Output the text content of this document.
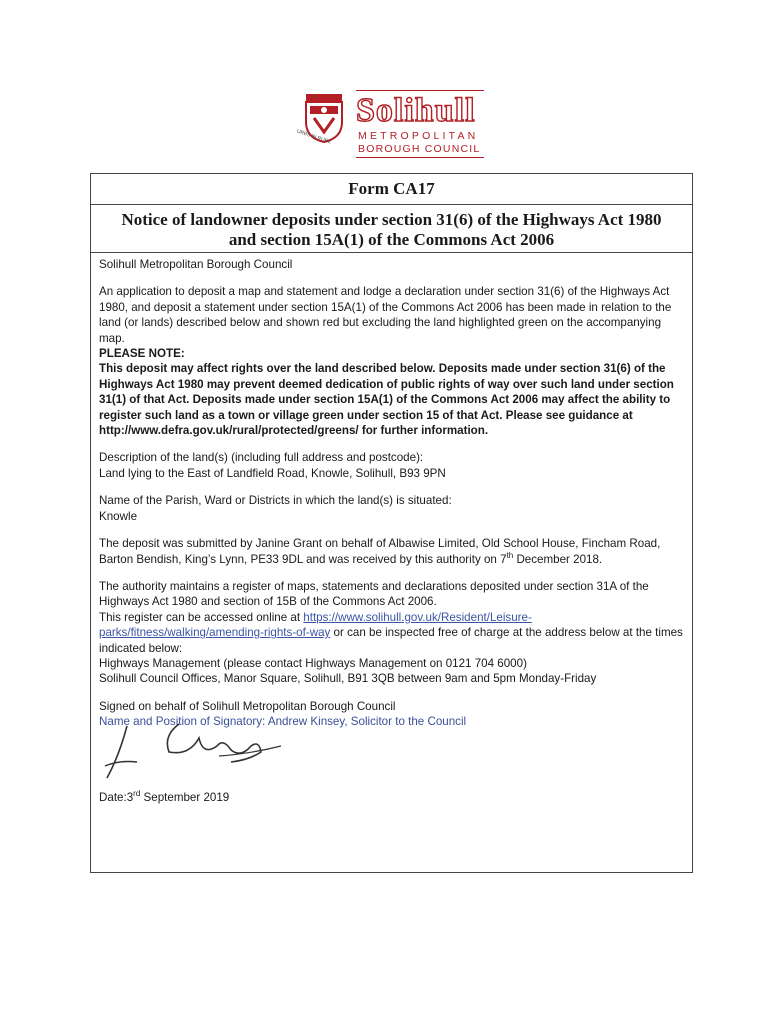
Solihull
METROPOLITAN
BOROUGH COUNCIL
URBS IN RURE
Form CA17
Notice of landowner deposits under section 31(6) of the Highways Act 1980
and section 15A(1) of the Commons Act 2006

Solihull Metropolitan Borough Council

An application to deposit a map and statement and lodge a declaration under section 31(6) of the Highways Act 1980, and deposit a statement under section 15A(1) of the Commons Act 2006 has been made in relation to the land (or lands) described below and shown red but excluding the land highlighted green on the accompanying map.

PLEASE NOTE:

This deposit may affect rights over the land described below. Deposits made under section 31(6) of the Highways Act 1980 may prevent deemed dedication of public rights of way over such land under section 31(1) of that Act. Deposits made under section 15A(1) of the Commons Act 2006 may affect the ability to register such land as a town or village green under section 15 of that Act. Please see guidance at http://www.defra.gov.uk/rural/protected/greens/ for further information.

Description of the land(s) (including full address and postcode):

Land lying to the East of Landfield Road, Knowle, Solihull, B93 9PN

Name of the Parish, Ward or Districts in which the land(s) is situated:

Knowle

The deposit was submitted by Janine Grant on behalf of Albawise Limited, Old School House, Fincham Road, Barton Bendish, King’s Lynn, PE33 9DL and was received by this authority on 7th December 2018.

The authority maintains a register of maps, statements and declarations deposited under section 31A of the Highways Act 1980 and section of 15B of the Commons Act 2006.

This register can be accessed online at https://www.solihull.gov.uk/Resident/Leisure-parks/fitness/walking/amending-rights-of-way or can be inspected free of charge at the address below at the times indicated below:

Highways Management (please contact Highways Management on 0121 704 6000)

Solihull Council Offices, Manor Square, Solihull, B91 3QB between 9am and 5pm Monday-Friday

Signed on behalf of Solihull Metropolitan Borough Council

Name and Position of Signatory: Andrew Kinsey, Solicitor to the Council

Date:3rd September 2019
